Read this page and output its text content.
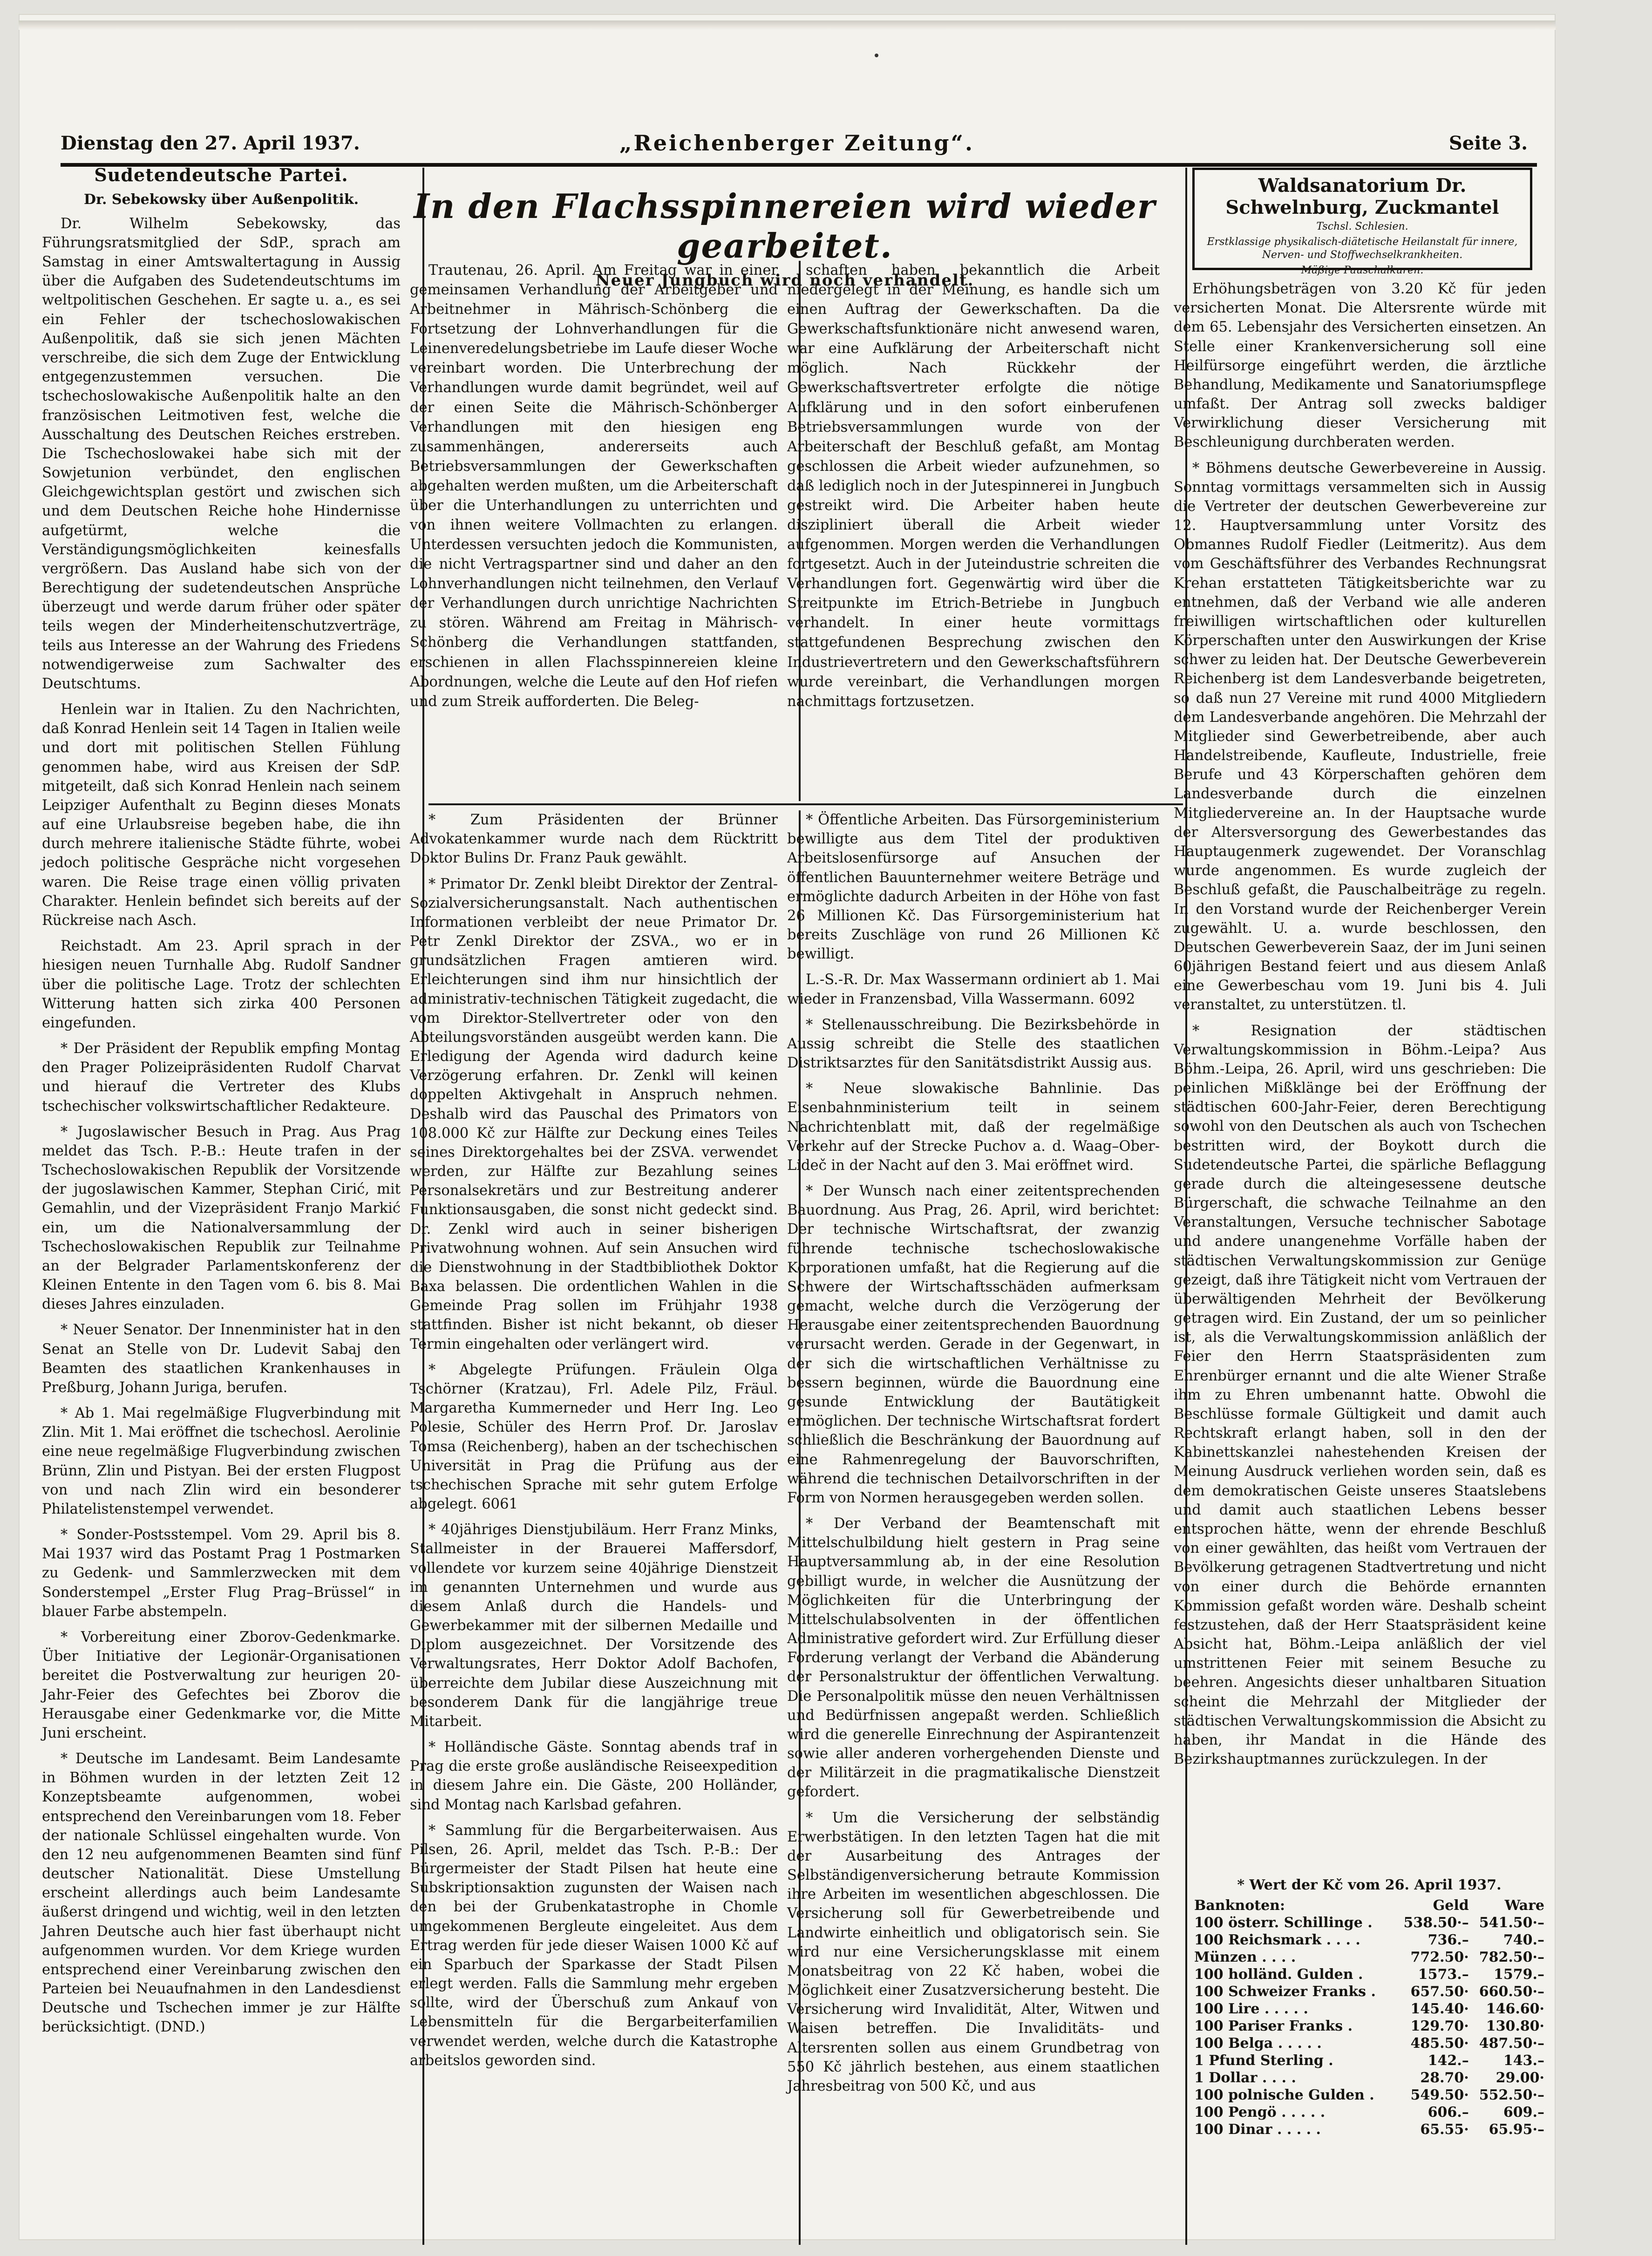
Dienstag den 27. April 1937.	„Reichenberger Zeitung“.	Seite 3.
Sudetendeutsche Partei.
Dr. Sebekowsky über Außenpolitik.

Dr. Wilhelm Sebekowsky, das Führungsratsmitglied der SdP., sprach am Samstag in einer Amtswaltertagung in Aussig über die Aufgaben des Sudetendeutschtums im weltpolitischen Geschehen. Er sagte u. a., es sei ein Fehler der tschechoslowakischen Außenpolitik, daß sie sich jenen Mächten verschreibe, die sich dem Zuge der Entwicklung entgegenzustemmen versuchen. Die tschechoslowakische Außenpolitik halte an den französischen Leitmotiven fest, welche die Ausschaltung des Deutschen Reiches erstreben. Die Tschechoslowakei habe sich mit der Sowjetunion verbündet, den englischen Gleichgewichtsplan gestört und zwischen sich und dem Deutschen Reiche hohe Hindernisse aufgetürmt, welche die Verständigungsmöglichkeiten keinesfalls vergrößern. Das Ausland habe sich von der Berechtigung der sudetendeutschen Ansprüche überzeugt und werde darum früher oder später teils wegen der Minderheitenschutzverträge, teils aus Interesse an der Wahrung des Friedens notwendigerweise zum Sachwalter des Deutschtums.

Henlein war in Italien. Zu den Nachrichten, daß Konrad Henlein seit 14 Tagen in Italien weile und dort mit politischen Stellen Fühlung genommen habe, wird aus Kreisen der SdP. mitgeteilt, daß sich Konrad Henlein nach seinem Leipziger Aufenthalt zu Beginn dieses Monats auf eine Urlaubsreise begeben habe, die ihn durch mehrere italienische Städte führte, wobei jedoch politische Gespräche nicht vorgesehen waren. Die Reise trage einen völlig privaten Charakter. Henlein befindet sich bereits auf der Rückreise nach Asch.

Reichstadt. Am 23. April sprach in der hiesigen neuen Turnhalle Abg. Rudolf Sandner über die politische Lage. Trotz der schlechten Witterung hatten sich zirka 400 Personen eingefunden.

* Der Präsident der Republik empfing Montag den Prager Polizeipräsidenten Rudolf Charvat und hierauf die Vertreter des Klubs tschechischer volkswirtschaftlicher Redakteure.

* Jugoslawischer Besuch in Prag. Aus Prag meldet das Tsch. P.-B.: Heute trafen in der Tschechoslowakischen Republik der Vorsitzende der jugoslawischen Kammer, Stephan Cirić, mit Gemahlin, und der Vizepräsident Franjo Markić ein, um die Nationalversammlung der Tschechoslowakischen Republik zur Teilnahme an der Belgrader Parlamentskonferenz der Kleinen Entente in den Tagen vom 6. bis 8. Mai dieses Jahres einzuladen.

* Neuer Senator. Der Innenminister hat in den Senat an Stelle von Dr. Ludevit Sabaj den Beamten des staatlichen Krankenhauses in Preßburg, Johann Juriga, berufen.

* Ab 1. Mai regelmäßige Flugverbindung mit Zlin. Mit 1. Mai eröffnet die tschechosl. Aerolinie eine neue regelmäßige Flugverbindung zwischen Brünn, Zlin und Pistyan. Bei der ersten Flugpost von und nach Zlin wird ein besonderer Philatelistenstempel verwendet.

* Sonder-Postsstempel. Vom 29. April bis 8. Mai 1937 wird das Postamt Prag 1 Postmarken zu Gedenk- und Sammlerzwecken mit dem Sonderstempel „Erster Flug Prag–Brüssel“ in blauer Farbe abstempeln.

* Vorbereitung einer Zborov-Gedenkmarke. Über Initiative der Legionär-Organisationen bereitet die Postverwaltung zur heurigen 20-Jahr-Feier des Gefechtes bei Zborov die Herausgabe einer Gedenkmarke vor, die Mitte Juni erscheint.

* Deutsche im Landesamt. Beim Landesamte in Böhmen wurden in der letzten Zeit 12 Konzeptsbeamte aufgenommen, wobei entsprechend den Vereinbarungen vom 18. Feber der nationale Schlüssel eingehalten wurde. Von den 12 neu aufgenommenen Beamten sind fünf deutscher Nationalität. Diese Umstellung erscheint allerdings auch beim Landesamte äußerst dringend und wichtig, weil in den letzten Jahren Deutsche auch hier fast überhaupt nicht aufgenommen wurden. Vor dem Kriege wurden entsprechend einer Vereinbarung zwischen den Parteien bei Neuaufnahmen in den Landesdienst Deutsche und Tschechen immer je zur Hälfte berücksichtigt. (DND.)

In den Flachsspinnereien wird wieder gearbeitet.
Neuer Jungbuch wird noch verhandelt.

Trautenau, 26. April. Am Freitag war in einer gemeinsamen Verhandlung der Arbeitgeber und Arbeitnehmer in Mährisch-Schönberg die Fortsetzung der Lohnverhandlungen für die Leinenveredelungsbetriebe im Laufe dieser Woche vereinbart worden. Die Unterbrechung der Verhandlungen wurde damit begründet, weil auf der einen Seite die Mährisch-Schönberger Verhandlungen mit den hiesigen eng zusammenhängen, andererseits auch Betriebsversammlungen der Gewerkschaften abgehalten werden mußten, um die Arbeiterschaft über die Unterhandlungen zu unterrichten und von ihnen weitere Vollmachten zu erlangen. Unterdessen versuchten jedoch die Kommunisten, die nicht Vertragspartner sind und daher an den Lohnverhandlungen nicht teilnehmen, den Verlauf der Verhandlungen durch unrichtige Nachrichten zu stören. Während am Freitag in Mährisch-Schönberg die Verhandlungen stattfanden, erschienen in allen Flachsspinnereien kleine Abordnungen, welche die Leute auf den Hof riefen und zum Streik aufforderten. Die Beleg-

schaften haben bekanntlich die Arbeit niedergelegt in der Meinung, es handle sich um einen Auftrag der Gewerkschaften. Da die Gewerkschaftsfunktionäre nicht anwesend waren, war eine Aufklärung der Arbeiterschaft nicht möglich. Nach Rückkehr der Gewerkschaftsvertreter erfolgte die nötige Aufklärung und in den sofort einberufenen Betriebsversammlungen wurde von der Arbeiterschaft der Beschluß gefaßt, am Montag geschlossen die Arbeit wieder aufzunehmen, so daß lediglich noch in der Jutespinnerei in Jungbuch gestreikt wird. Die Arbeiter haben heute diszipliniert überall die Arbeit wieder aufgenommen. Morgen werden die Verhandlungen fortgesetzt. Auch in der Juteindustrie schreiten die Verhandlungen fort. Gegenwärtig wird über die Streitpunkte im Etrich-Betriebe in Jungbuch verhandelt. In einer heute vormittags stattgefundenen Besprechung zwischen den Industrievertretern und den Gewerkschaftsführern wurde vereinbart, die Verhandlungen morgen nachmittags fortzusetzen.

Waldsanatorium Dr. Schwelnburg, Zuckmantel
Tschsl. Schlesien.
Erstklassige physikalisch-diätetische Heilanstalt für innere, Nerven- und Stoffwechselkrankheiten.
Mäßige Pauschalkuren.

* Zum Präsidenten der Brünner Advokatenkammer wurde nach dem Rücktritt Doktor Bulins Dr. Franz Pauk gewählt.

* Primator Dr. Zenkl bleibt Direktor der Zentral-Sozialversicherungsanstalt. Nach authentischen Informationen verbleibt der neue Primator Dr. Petr Zenkl Direktor der ZSVA., wo er in grundsätzlichen Fragen amtieren wird. Erleichterungen sind ihm nur hinsichtlich der administrativ-technischen Tätigkeit zugedacht, die vom Direktor-Stellvertreter oder von den Abteilungsvorständen ausgeübt werden kann. Die Erledigung der Agenda wird dadurch keine Verzögerung erfahren. Dr. Zenkl will keinen doppelten Aktivgehalt in Anspruch nehmen. Deshalb wird das Pauschal des Primators von 108.000 Kč zur Hälfte zur Deckung eines Teiles seines Direktorgehaltes bei der ZSVA. verwendet werden, zur Hälfte zur Bezahlung seines Personalsekretärs und zur Bestreitung anderer Funktionsausgaben, die sonst nicht gedeckt sind. Dr. Zenkl wird auch in seiner bisherigen Privatwohnung wohnen. Auf sein Ansuchen wird die Dienstwohnung in der Stadtbibliothek Doktor Baxa belassen. Die ordentlichen Wahlen in die Gemeinde Prag sollen im Frühjahr 1938 stattfinden. Bisher ist nicht bekannt, ob dieser Termin eingehalten oder verlängert wird.

* Abgelegte Prüfungen. Fräulein Olga Tschörner (Kratzau), Frl. Adele Pilz, Fräul. Margaretha Kummerneder und Herr Ing. Leo Polesie, Schüler des Herrn Prof. Dr. Jaroslav Tomsa (Reichenberg), haben an der tschechischen Universität in Prag die Prüfung aus der tschechischen Sprache mit sehr gutem Erfolge abgelegt. 6061

* 40jähriges Dienstjubiläum. Herr Franz Minks, Stallmeister in der Brauerei Maffersdorf, vollendete vor kurzem seine 40jährige Dienstzeit im genannten Unternehmen und wurde aus diesem Anlaß durch die Handels- und Gewerbekammer mit der silbernen Medaille und Diplom ausgezeichnet. Der Vorsitzende des Verwaltungsrates, Herr Doktor Adolf Bachofen, überreichte dem Jubilar diese Auszeichnung mit besonderem Dank für die langjährige treue Mitarbeit.

* Holländische Gäste. Sonntag abends traf in Prag die erste große ausländische Reiseexpedition in diesem Jahre ein. Die Gäste, 200 Holländer, sind Montag nach Karlsbad gefahren.

* Sammlung für die Bergarbeiterwaisen. Aus Pilsen, 26. April, meldet das Tsch. P.-B.: Der Bürgermeister der Stadt Pilsen hat heute eine Subskriptionsaktion zugunsten der Waisen nach den bei der Grubenkatastrophe in Chomle umgekommenen Bergleute eingeleitet. Aus dem Ertrag werden für jede dieser Waisen 1000 Kč auf ein Sparbuch der Sparkasse der Stadt Pilsen erlegt werden. Falls die Sammlung mehr ergeben sollte, wird der Überschuß zum Ankauf von Lebensmitteln für die Bergarbeiterfamilien verwendet werden, welche durch die Katastrophe arbeitslos geworden sind.

* Öffentliche Arbeiten. Das Fürsorgeministerium bewilligte aus dem Titel der produktiven Arbeitslosenfürsorge auf Ansuchen der öffentlichen Bauunternehmer weitere Beträge und ermöglichte dadurch Arbeiten in der Höhe von fast 26 Millionen Kč. Das Fürsorgeministerium hat bereits Zuschläge von rund 26 Millionen Kč bewilligt.

L.-S.-R. Dr. Max Wassermann ordiniert ab 1. Mai wieder in Franzensbad, Villa Wassermann. 6092

* Stellenausschreibung. Die Bezirksbehörde in Aussig schreibt die Stelle des staatlichen Distriktsarztes für den Sanitätsdistrikt Aussig aus.

* Neue slowakische Bahnlinie. Das Eisenbahnministerium teilt in seinem Nachrichtenblatt mit, daß der regelmäßige Verkehr auf der Strecke Puchov a. d. Waag–Ober-Lideč in der Nacht auf den 3. Mai eröffnet wird.

* Der Wunsch nach einer zeitentsprechenden Bauordnung. Aus Prag, 26. April, wird berichtet: Der technische Wirtschaftsrat, der zwanzig führende technische tschechoslowakische Korporationen umfaßt, hat die Regierung auf die Schwere der Wirtschaftsschäden aufmerksam gemacht, welche durch die Verzögerung der Herausgabe einer zeitentsprechenden Bauordnung verursacht werden. Gerade in der Gegenwart, in der sich die wirtschaftlichen Verhältnisse zu bessern beginnen, würde die Bauordnung eine gesunde Entwicklung der Bautätigkeit ermöglichen. Der technische Wirtschaftsrat fordert schließlich die Beschränkung der Bauordnung auf eine Rahmenregelung der Bauvorschriften, während die technischen Detailvorschriften in der Form von Normen herausgegeben werden sollen.

* Der Verband der Beamtenschaft mit Mittelschulbildung hielt gestern in Prag seine Hauptversammlung ab, in der eine Resolution gebilligt wurde, in welcher die Ausnützung der Möglichkeiten für die Unterbringung der Mittelschulabsolventen in der öffentlichen Administrative gefordert wird. Zur Erfüllung dieser Forderung verlangt der Verband die Abänderung der Personalstruktur der öffentlichen Verwaltung. Die Personalpolitik müsse den neuen Verhältnissen und Bedürfnissen angepaßt werden. Schließlich wird die generelle Einrechnung der Aspirantenzeit sowie aller anderen vorhergehenden Dienste und der Militärzeit in die pragmatikalische Dienstzeit gefordert.

* Um die Versicherung der selbständig Erwerbstätigen. In den letzten Tagen hat die mit der Ausarbeitung des Antrages der Selbständigenversicherung betraute Kommission ihre Arbeiten im wesentlichen abgeschlossen. Die Versicherung soll für Gewerbetreibende und Landwirte einheitlich und obligatorisch sein. Sie wird nur eine Versicherungsklasse mit einem Monatsbeitrag von 22 Kč haben, wobei die Möglichkeit einer Zusatzversicherung besteht. Die Versicherung wird Invalidität, Alter, Witwen und Waisen betreffen. Die Invaliditäts- und Altersrenten sollen aus einem Grundbetrag von 550 Kč jährlich bestehen, aus einem staatlichen Jahresbeitrag von 500 Kč, und aus

Erhöhungsbeträgen von 3.20 Kč für jeden versicherten Monat. Die Altersrente würde mit dem 65. Lebensjahr des Versicherten einsetzen. An Stelle einer Krankenversicherung soll eine Heilfürsorge eingeführt werden, die ärztliche Behandlung, Medikamente und Sanatoriumspflege umfaßt. Der Antrag soll zwecks baldiger Verwirklichung dieser Versicherung mit Beschleunigung durchberaten werden.

* Böhmens deutsche Gewerbevereine in Aussig. Sonntag vormittags versammelten sich in Aussig die Vertreter der deutschen Gewerbevereine zur 12. Hauptversammlung unter Vorsitz des Obmannes Rudolf Fiedler (Leitmeritz). Aus dem vom Geschäftsführer des Verbandes Rechnungsrat Krehan erstatteten Tätigkeitsberichte war zu entnehmen, daß der Verband wie alle anderen freiwilligen wirtschaftlichen oder kulturellen Körperschaften unter den Auswirkungen der Krise schwer zu leiden hat. Der Deutsche Gewerbeverein Reichenberg ist dem Landesverbande beigetreten, so daß nun 27 Vereine mit rund 4000 Mitgliedern dem Landesverbande angehören. Die Mehrzahl der Mitglieder sind Gewerbetreibende, aber auch Handelstreibende, Kaufleute, Industrielle, freie Berufe und 43 Körperschaften gehören dem Landesverbande durch die einzelnen Mitgliedervereine an. In der Hauptsache wurde der Altersversorgung des Gewerbestandes das Hauptaugenmerk zugewendet. Der Voranschlag wurde angenommen. Es wurde zugleich der Beschluß gefaßt, die Pauschalbeiträge zu regeln. In den Vorstand wurde der Reichenberger Verein zugewählt. U. a. wurde beschlossen, den Deutschen Gewerbeverein Saaz, der im Juni seinen 60jährigen Bestand feiert und aus diesem Anlaß eine Gewerbeschau vom 19. Juni bis 4. Juli veranstaltet, zu unterstützen. tl.

* Resignation der städtischen Verwaltungskommission in Böhm.-Leipa? Aus Böhm.-Leipa, 26. April, wird uns geschrieben: Die peinlichen Mißklänge bei der Eröffnung der städtischen 600-Jahr-Feier, deren Berechtigung sowohl von den Deutschen als auch von Tschechen bestritten wird, der Boykott durch die Sudetendeutsche Partei, die spärliche Beflaggung gerade durch die alteingesessene deutsche Bürgerschaft, die schwache Teilnahme an den Veranstaltungen, Versuche technischer Sabotage und andere unangenehme Vorfälle haben der städtischen Verwaltungskommission zur Genüge gezeigt, daß ihre Tätigkeit nicht vom Vertrauen der überwältigenden Mehrheit der Bevölkerung getragen wird. Ein Zustand, der um so peinlicher ist, als die Verwaltungskommission anläßlich der Feier den Herrn Staatspräsidenten zum Ehrenbürger ernannt und die alte Wiener Straße ihm zu Ehren umbenannt hatte. Obwohl die Beschlüsse formale Gültigkeit und damit auch Rechtskraft erlangt haben, soll in den der Kabinettskanzlei nahestehenden Kreisen der Meinung Ausdruck verliehen worden sein, daß es dem demokratischen Geiste unseres Staatslebens und damit auch staatlichen Lebens besser entsprochen hätte, wenn der ehrende Beschluß von einer gewählten, das heißt vom Vertrauen der Bevölkerung getragenen Stadtvertretung und nicht von einer durch die Behörde ernannten Kommission gefaßt worden wäre. Deshalb scheint festzustehen, daß der Herr Staatspräsident keine Absicht hat, Böhm.-Leipa anläßlich der viel umstrittenen Feier mit seinem Besuche zu beehren. Angesichts dieser unhaltbaren Situation scheint die Mehrzahl der Mitglieder der städtischen Verwaltungskommission die Absicht zu haben, ihr Mandat in die Hände des Bezirkshauptmannes zurückzulegen. In der

* Wert der Kč vom 26. April 1937.
Banknoten:	Geld	Ware
100 österr. Schillinge .	538.50·–	541.50·–
100 Reichsmark . . . .	736.–	740.–
Münzen . . . .	772.50·	782.50·–
100 holländ. Gulden .	1573.–	1579.–
100 Schweizer Franks .	657.50·	660.50·–
100 Lire . . . . .	145.40·	146.60·
100 Pariser Franks .	129.70·	130.80·
100 Belga . . . . .	485.50·	487.50·–
1 Pfund Sterling .	142.–	143.–
1 Dollar . . . .	28.70·	29.00·
100 polnische Gulden .	549.50·	552.50·–
100 Pengö . . . . .	606.–	609.–
100 Dinar . . . . .	65.55·	65.95·–
